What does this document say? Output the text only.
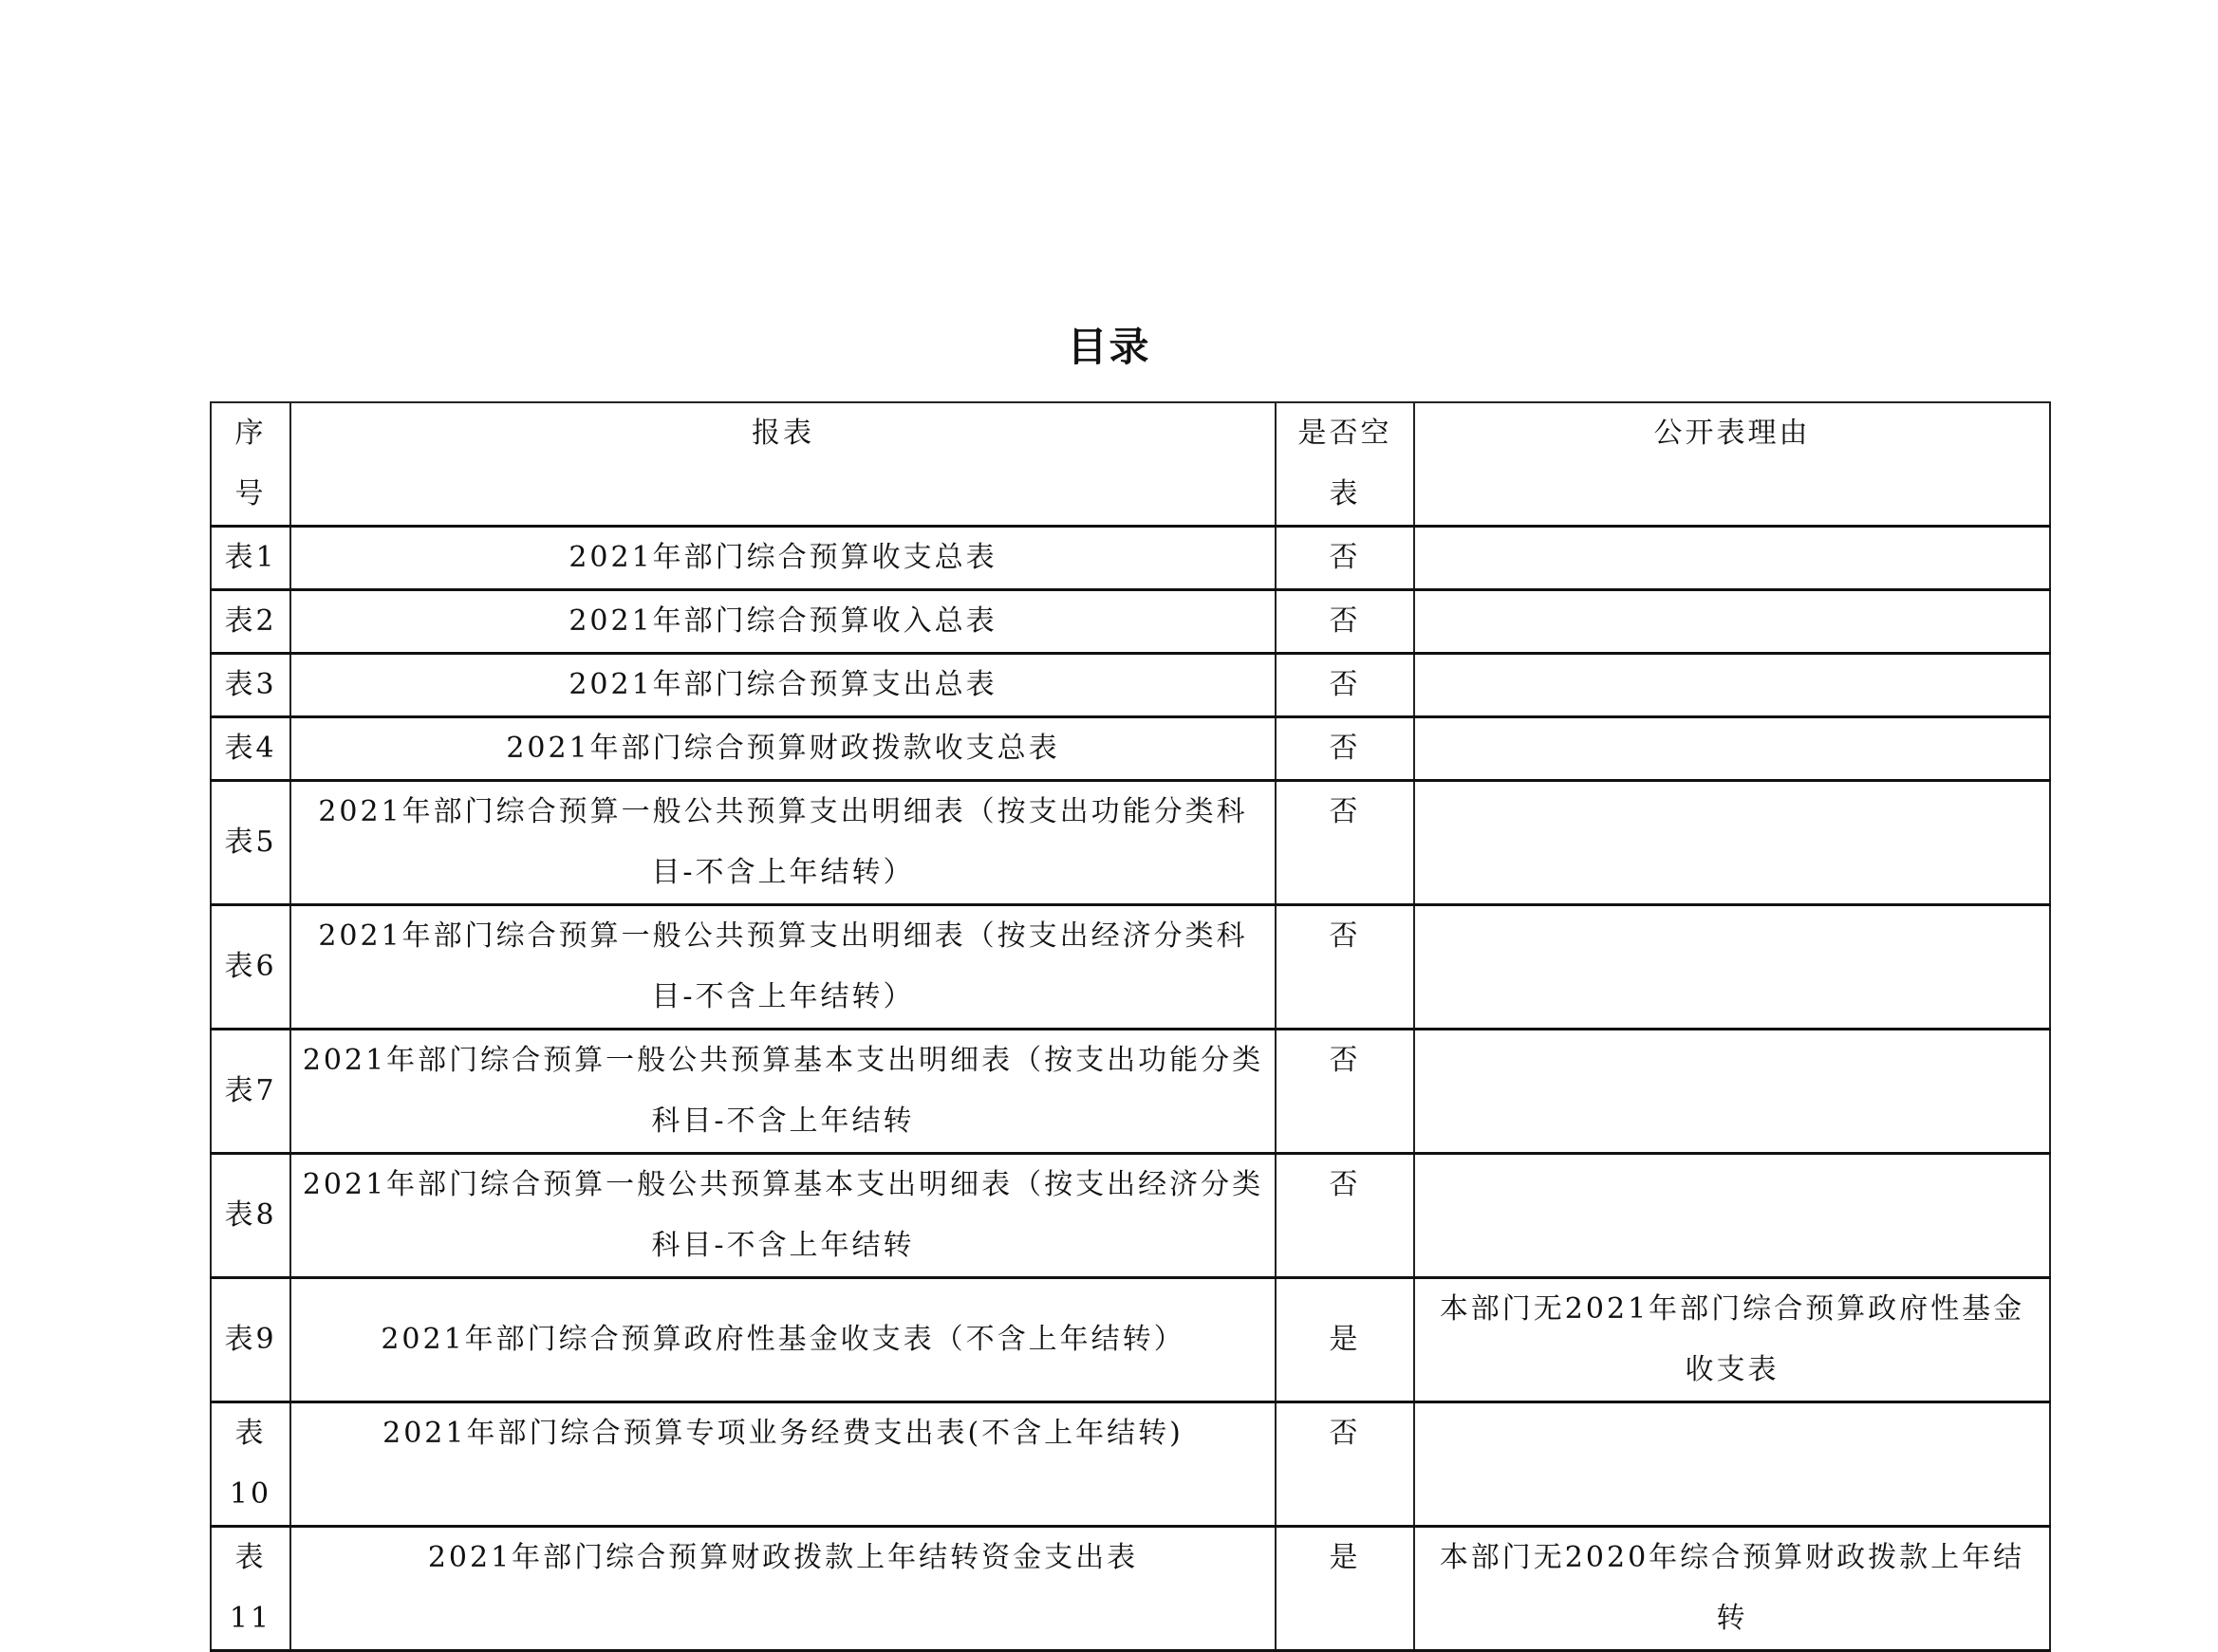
目录
序号	报表	是否空表	公开表理由
表1	2021年部门综合预算收支总表	否	
表2	2021年部门综合预算收入总表	否	
表3	2021年部门综合预算支出总表	否	
表4	2021年部门综合预算财政拨款收支总表	否	
表5	2021年部门综合预算一般公共预算支出明细表（按支出功能分类科目-不含上年结转）	否	
表6	2021年部门综合预算一般公共预算支出明细表（按支出经济分类科目-不含上年结转）	否	
表7	2021年部门综合预算一般公共预算基本支出明细表（按支出功能分类科目-不含上年结转	否	
表8	2021年部门综合预算一般公共预算基本支出明细表（按支出经济分类科目-不含上年结转	否	
表9	2021年部门综合预算政府性基金收支表（不含上年结转）	是	本部门无2021年部门综合预算政府性基金收支表
表10	2021年部门综合预算专项业务经费支出表(不含上年结转)	否	
表11	2021年部门综合预算财政拨款上年结转资金支出表	是	本部门无2020年综合预算财政拨款上年结转
